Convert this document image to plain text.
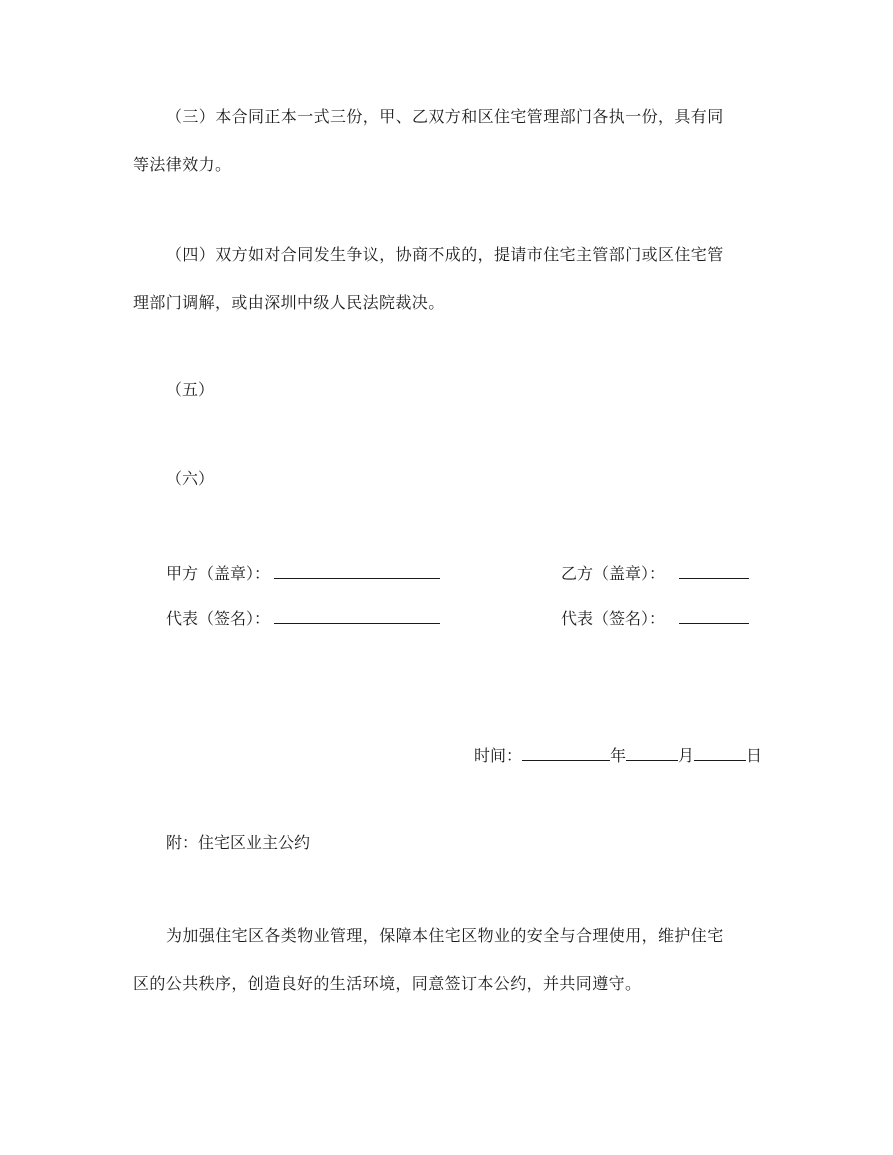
（三）本合同正本一式三份，甲、乙双方和区住宅管理部门各执一份，具有同
等法律效力。
（四）双方如对合同发生争议，协商不成的，提请市住宅主管部门或区住宅管
理部门调解，或由深圳中级人民法院裁决。
（五）
（六）
甲方（盖章）：	乙方（盖章）：
代表（签名）：	代表（签名）：
时间：	年	月	日
附：住宅区业主公约
为加强住宅区各类物业管理，保障本住宅区物业的安全与合理使用，维护住宅
区的公共秩序，创造良好的生活环境，同意签订本公约，并共同遵守。
